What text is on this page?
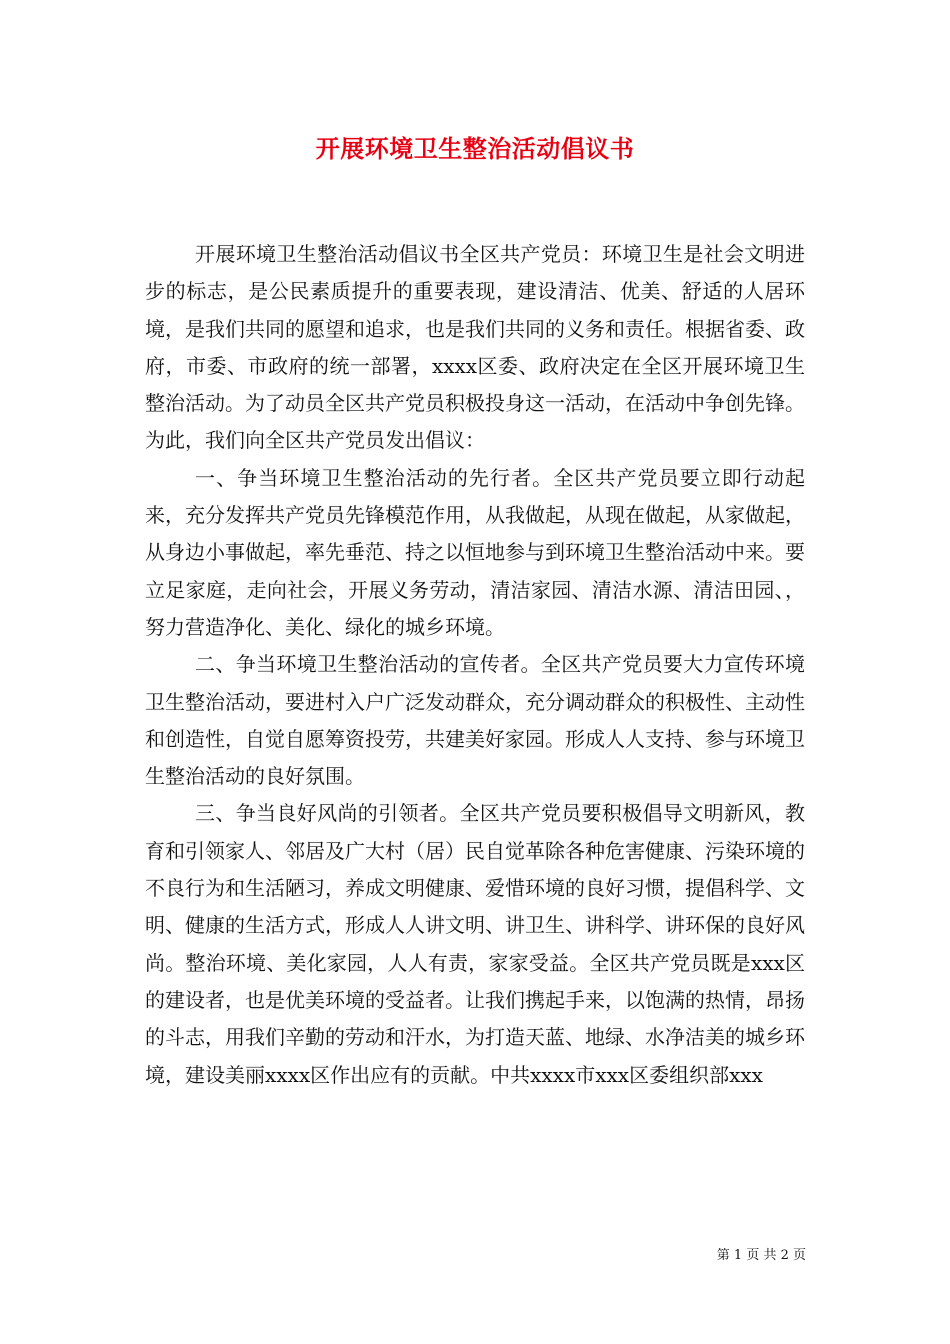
开展环境卫生整治活动倡议书

开展环境卫生整治活动倡议书全区共产党员：环境卫生是社会文明进步的标志，是公民素质提升的重要表现，建设清洁、优美、舒适的人居环境，是我们共同的愿望和追求，也是我们共同的义务和责任。根据省委、政府，市委、市政府的统一部署，xxxx区委、政府决定在全区开展环境卫生整治活动。为了动员全区共产党员积极投身这一活动，在活动中争创先锋。为此，我们向全区共产党员发出倡议：

一、争当环境卫生整治活动的先行者。全区共产党员要立即行动起来，充分发挥共产党员先锋模范作用，从我做起，从现在做起，从家做起，从身边小事做起，率先垂范、持之以恒地参与到环境卫生整治活动中来。要立足家庭，走向社会，开展义务劳动，清洁家园、清洁水源、清洁田园、，努力营造净化、美化、绿化的城乡环境。

二、争当环境卫生整治活动的宣传者。全区共产党员要大力宣传环境卫生整治活动，要进村入户广泛发动群众，充分调动群众的积极性、主动性和创造性，自觉自愿筹资投劳，共建美好家园。形成人人支持、参与环境卫生整治活动的良好氛围。

三、争当良好风尚的引领者。全区共产党员要积极倡导文明新风，教育和引领家人、邻居及广大村（居）民自觉革除各种危害健康、污染环境的不良行为和生活陋习，养成文明健康、爱惜环境的良好习惯，提倡科学、文明、健康的生活方式，形成人人讲文明、讲卫生、讲科学、讲环保的良好风尚。整治环境、美化家园，人人有责，家家受益。全区共产党员既是xxx区的建设者，也是优美环境的受益者。让我们携起手来，以饱满的热情，昂扬的斗志，用我们辛勤的劳动和汗水，为打造天蓝、地绿、水净洁美的城乡环境，建设美丽xxxx区作出应有的贡献。中共xxxx市xxx区委组织部xxx

第 1 页 共 2 页
